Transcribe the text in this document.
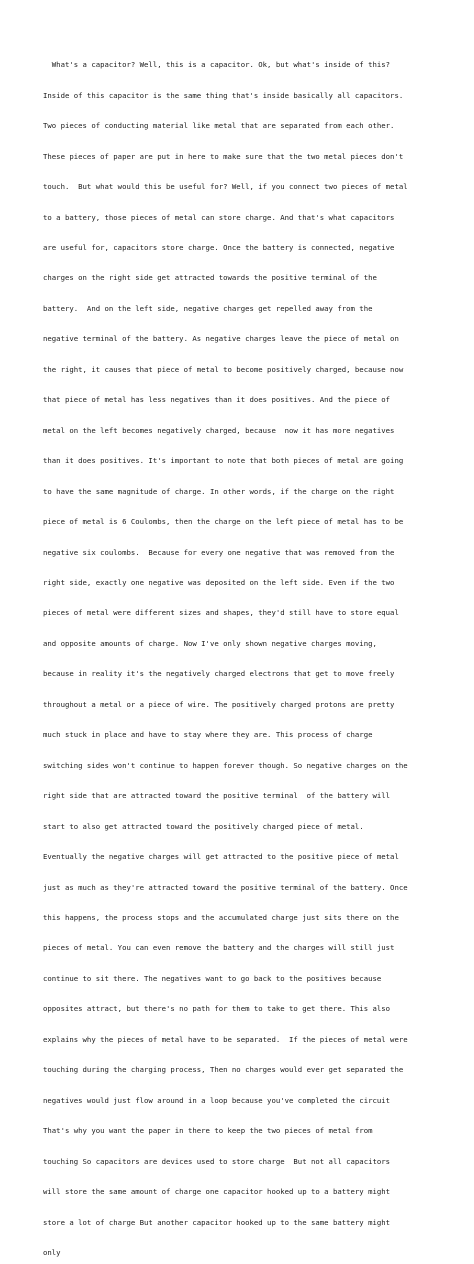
What's a capacitor? Well, this is a capacitor. Ok, but what's inside of this?

Inside of this capacitor is the same thing that's inside basically all capacitors.

Two pieces of conducting material like metal that are separated from each other.

These pieces of paper are put in here to make sure that the two metal pieces don't

touch.  But what would this be useful for? Well, if you connect two pieces of metal

to a battery, those pieces of metal can store charge. And that's what capacitors

are useful for, capacitors store charge. Once the battery is connected, negative

charges on the right side get attracted towards the positive terminal of the

battery.  And on the left side, negative charges get repelled away from the

negative terminal of the battery. As negative charges leave the piece of metal on

the right, it causes that piece of metal to become positively charged, because now

that piece of metal has less negatives than it does positives. And the piece of

metal on the left becomes negatively charged, because  now it has more negatives

than it does positives. It's important to note that both pieces of metal are going

to have the same magnitude of charge. In other words, if the charge on the right

piece of metal is 6 Coulombs, then the charge on the left piece of metal has to be

negative six coulombs.  Because for every one negative that was removed from the

right side, exactly one negative was deposited on the left side. Even if the two

pieces of metal were different sizes and shapes, they'd still have to store equal

and opposite amounts of charge. Now I've only shown negative charges moving,

because in reality it's the negatively charged electrons that get to move freely

throughout a metal or a piece of wire. The positively charged protons are pretty

much stuck in place and have to stay where they are. This process of charge

switching sides won't continue to happen forever though. So negative charges on the

right side that are attracted toward the positive terminal  of the battery will

start to also get attracted toward the positively charged piece of metal.

Eventually the negative charges will get attracted to the positive piece of metal

just as much as they're attracted toward the positive terminal of the battery. Once

this happens, the process stops and the accumulated charge just sits there on the

pieces of metal. You can even remove the battery and the charges will still just

continue to sit there. The negatives want to go back to the positives because

opposites attract, but there's no path for them to take to get there. This also

explains why the pieces of metal have to be separated.  If the pieces of metal were

touching during the charging process, Then no charges would ever get separated the

negatives would just flow around in a loop because you've completed the circuit

That's why you want the paper in there to keep the two pieces of metal from

touching So capacitors are devices used to store charge  But not all capacitors

will store the same amount of charge one capacitor hooked up to a battery might

store a lot of charge But another capacitor hooked up to the same battery might

only
